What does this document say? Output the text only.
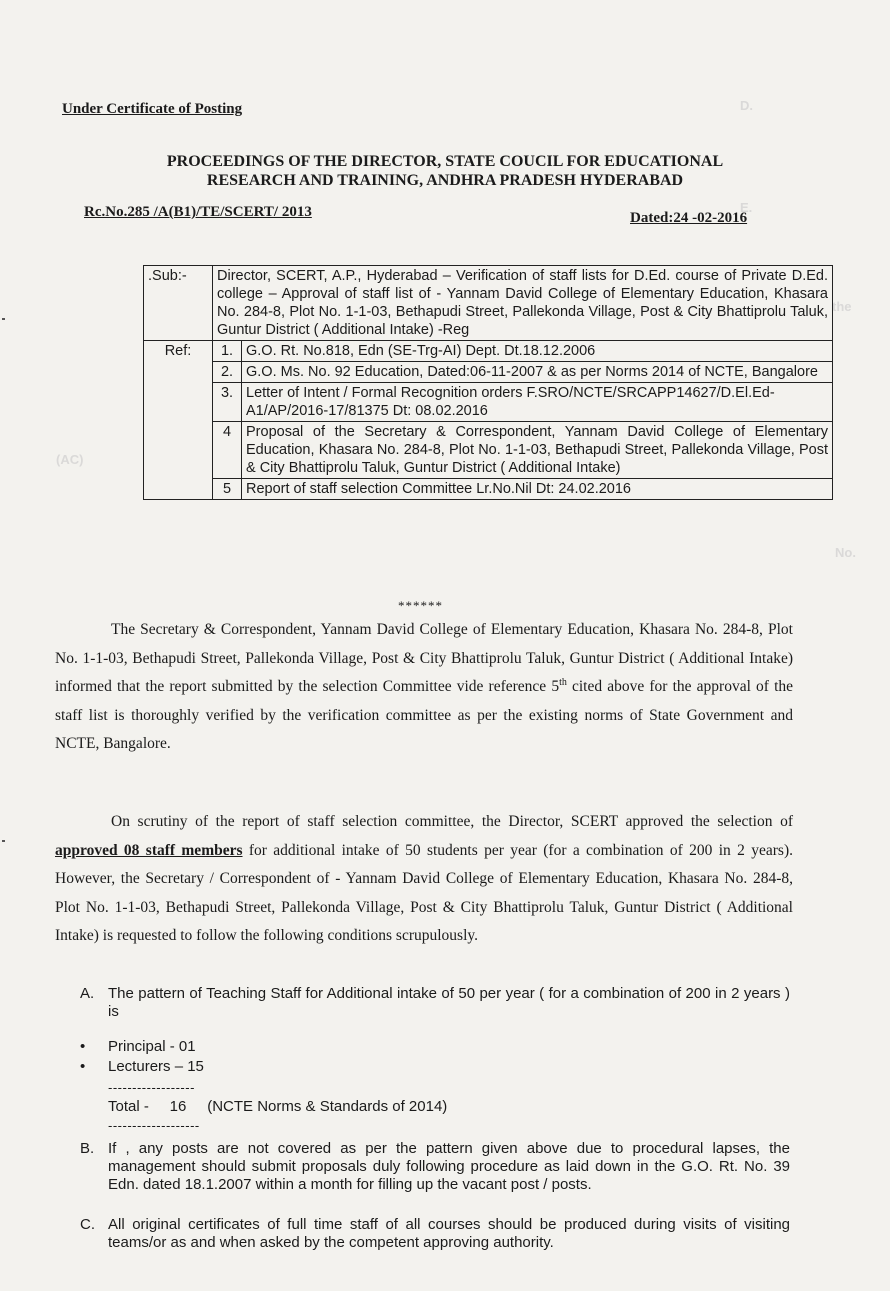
D.
E.
the
(AC)
No.
Under Certificate of Posting
PROCEEDINGS OF THE DIRECTOR, STATE COUCIL FOR EDUCATIONAL
RESEARCH AND TRAINING, ANDHRA PRADESH HYDERABAD
Rc.No.285 /A(B1)/TE/SCERT/ 2013	Dated:24 -02-2016
.Sub:-	Director, SCERT, A.P., Hyderabad – Verification of staff lists for D.Ed. course of Private D.Ed. college – Approval of staff list of - Yannam David College of Elementary Education, Khasara No. 284-8, Plot No. 1-1-03, Bethapudi Street, Pallekonda Village, Post & City Bhattiprolu Taluk, Guntur District ( Additional Intake) -Reg	
Ref:	1.	G.O. Rt. No.818, Edn (SE-Trg-AI) Dept. Dt.18.12.2006
	2.	G.O. Ms. No. 92 Education, Dated:06-11-2007 & as per Norms 2014 of NCTE, Bangalore
	3.	Letter of Intent / Formal Recognition orders F.SRO/NCTE/SRCAPP14627/D.El.Ed-A1/AP/2016-17/81375 Dt: 08.02.2016
	4	Proposal of the Secretary & Correspondent, Yannam David College of Elementary Education, Khasara No. 284-8, Plot No. 1-1-03, Bethapudi Street, Pallekonda Village, Post & City Bhattiprolu Taluk, Guntur District ( Additional Intake)
	5	Report of staff selection Committee Lr.No.Nil Dt: 24.02.2016
******
The Secretary & Correspondent, Yannam David College of Elementary Education, Khasara No. 284-8, Plot No. 1-1-03, Bethapudi Street, Pallekonda Village, Post & City Bhattiprolu Taluk, Guntur District ( Additional Intake) informed that the report submitted by the selection Committee vide reference 5th cited above for the approval of the staff list is thoroughly verified by the verification committee as per the existing norms of State Government and NCTE, Bangalore.
On scrutiny of the report of staff selection committee, the Director, SCERT approved the selection of approved 08 staff members for additional intake of 50 students per year (for a combination of 200 in 2 years). However, the Secretary / Correspondent of - Yannam David College of Elementary Education, Khasara No. 284-8, Plot No. 1-1-03, Bethapudi Street, Pallekonda Village, Post & City Bhattiprolu Taluk, Guntur District ( Additional Intake) is requested to follow the following conditions scrupulously.
A. The pattern of Teaching Staff for Additional intake of 50 per year ( for a combination of 200 in 2 years ) is
• Principal - 01
• Lecturers – 15
------------------
Total -     16     (NCTE Norms & Standards of 2014)
-------------------
B. If , any posts are not covered as per the pattern given above due to procedural lapses, the management should submit proposals duly following procedure as laid down in the G.O. Rt. No. 39 Edn. dated 18.1.2007 within a month for filling up the vacant post / posts.
C. All original certificates of full time staff of all courses should be produced during visits of visiting teams/or as and when asked by the competent approving authority.
